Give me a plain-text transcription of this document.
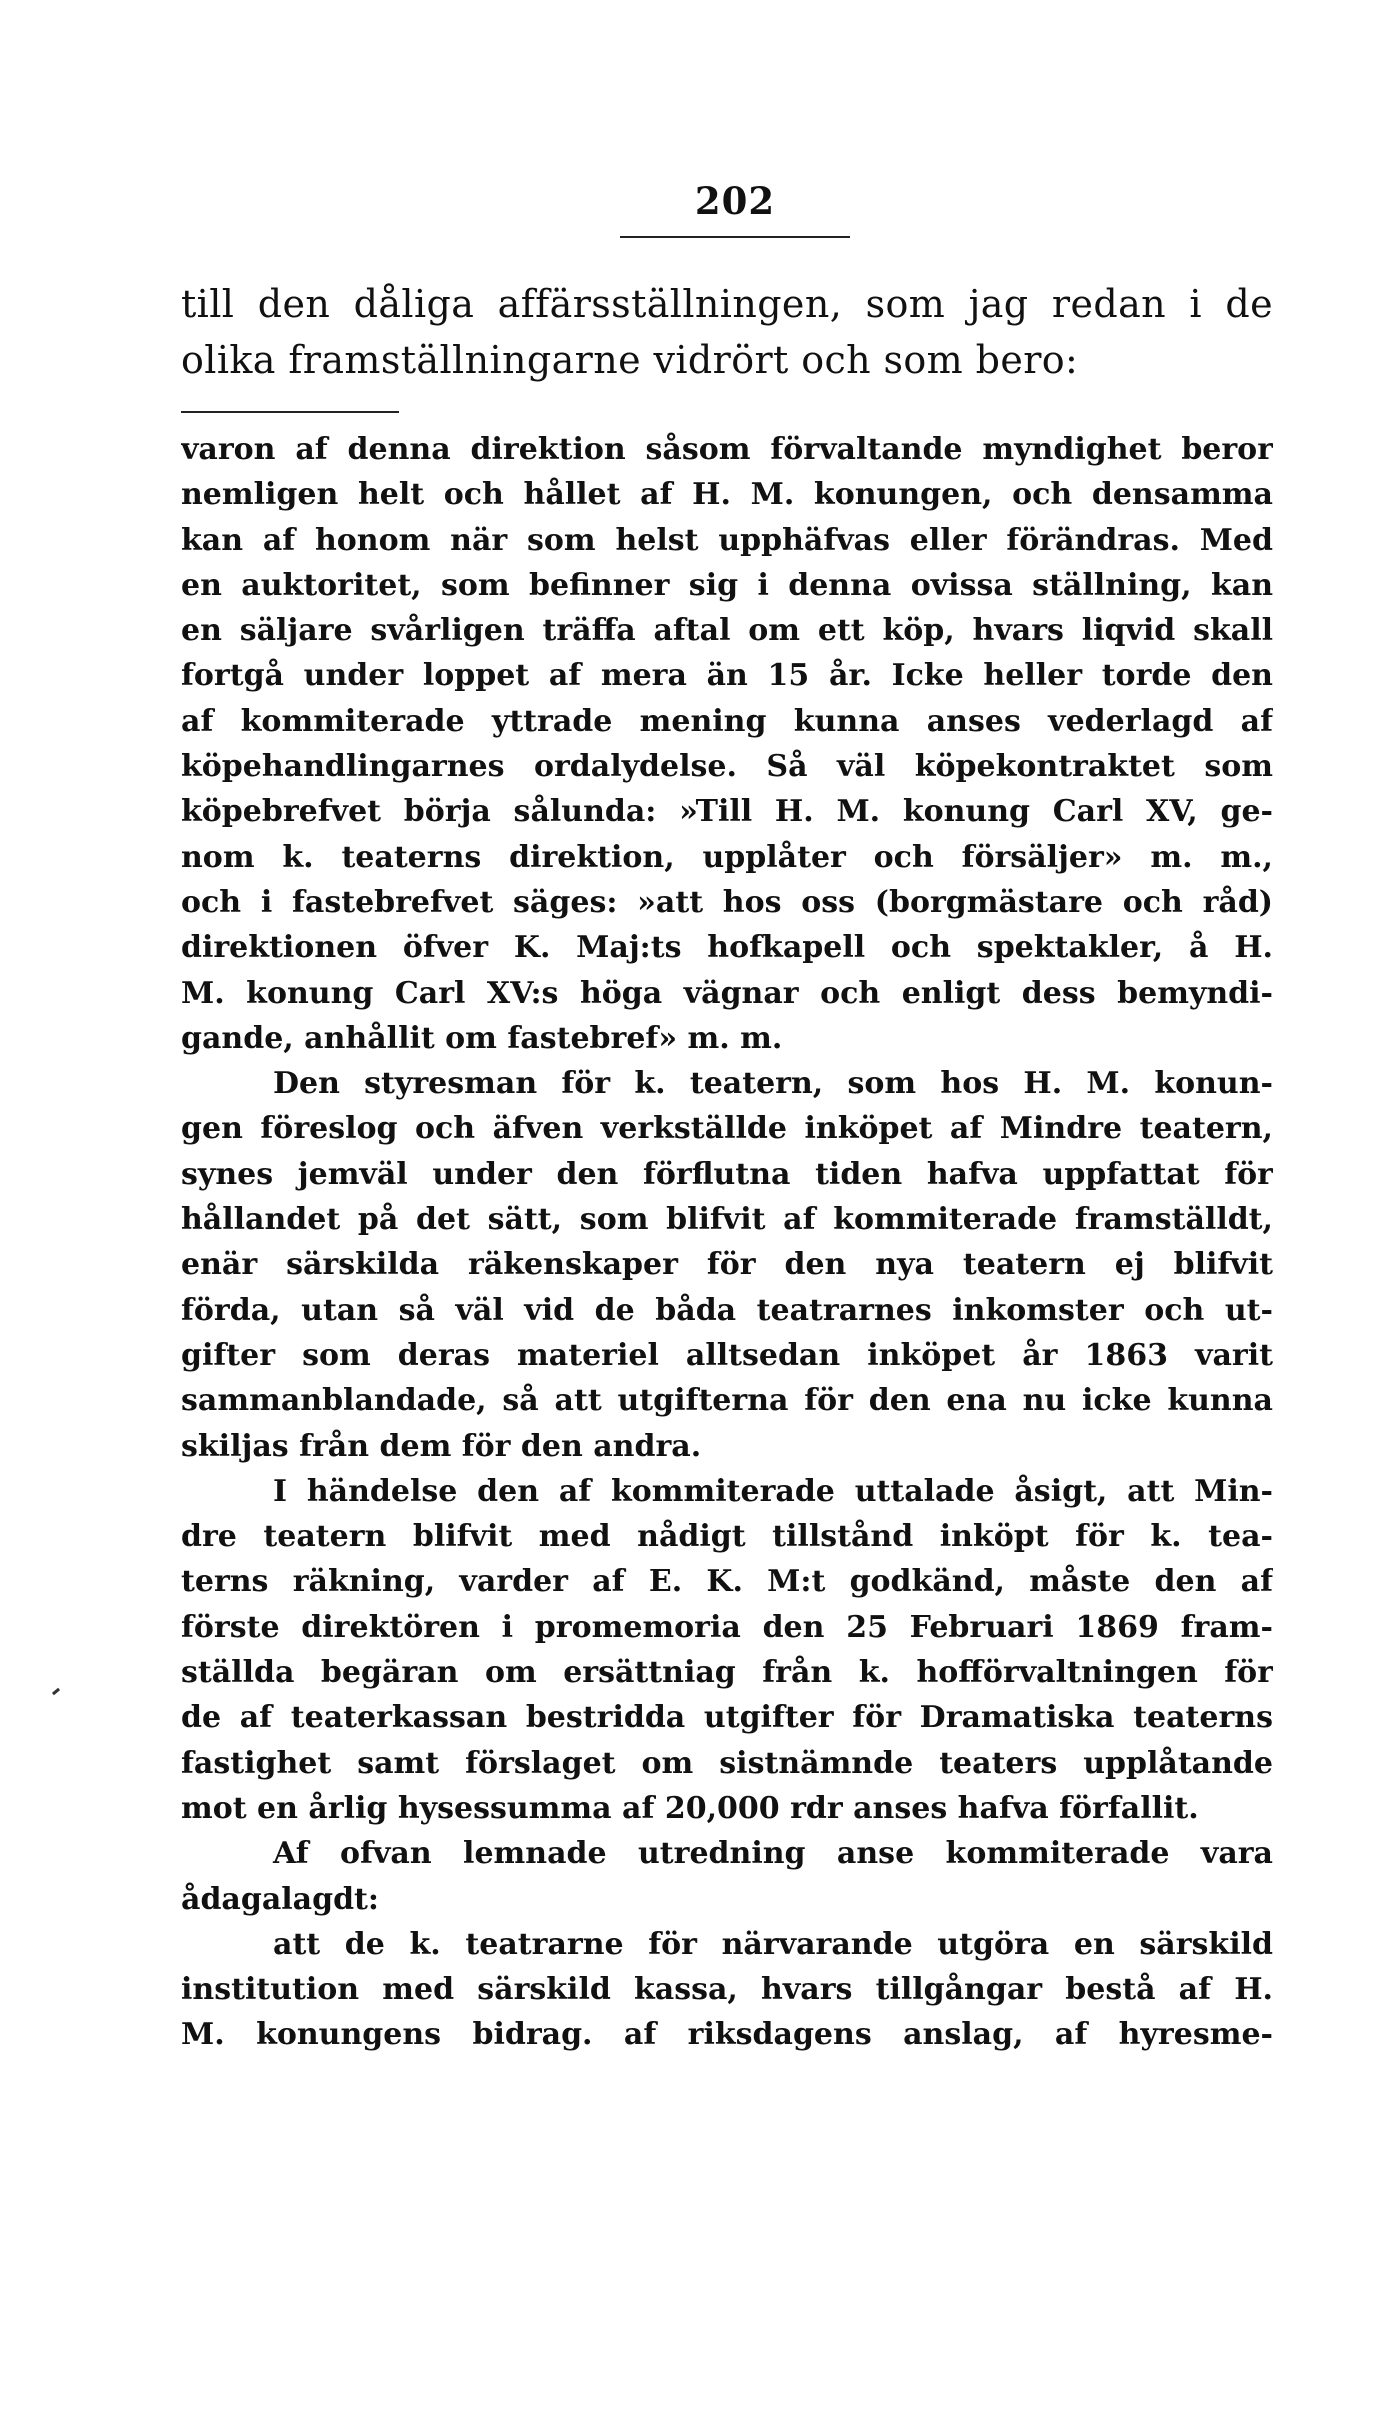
202
till den dåliga affärsställningen, som jag redan i de
olika framställningarne vidrört och som bero:
varon af denna direktion såsom förvaltande myndighet beror
nemligen helt och hållet af H. M. konungen, och densamma
kan af honom när som helst upphäfvas eller förändras. Med
en auktoritet, som befinner sig i denna ovissa ställning, kan
en säljare svårligen träffa aftal om ett köp, hvars liqvid skall
fortgå under loppet af mera än 15 år. Icke heller torde den
af kommiterade yttrade mening kunna anses vederlagd af
köpehandlingarnes ordalydelse. Så väl köpekontraktet som
köpebrefvet börja sålunda: »Till H. M. konung Carl XV, ge-
nom k. teaterns direktion, upplåter och försäljer» m. m.,
och i fastebrefvet säges: »att hos oss (borgmästare och råd)
direktionen öfver K. Maj:ts hofkapell och spektakler, å H.
M. konung Carl XV:s höga vägnar och enligt dess bemyndi-
gande, anhållit om fastebref» m. m.
Den styresman för k. teatern, som hos H. M. konun-
gen föreslog och äfven verkställde inköpet af Mindre teatern,
synes jemväl under den förflutna tiden hafva uppfattat för
hållandet på det sätt, som blifvit af kommiterade framställdt,
enär särskilda räkenskaper för den nya teatern ej blifvit
förda, utan så väl vid de båda teatrarnes inkomster och ut-
gifter som deras materiel alltsedan inköpet år 1863 varit
sammanblandade, så att utgifterna för den ena nu icke kunna
skiljas från dem för den andra.
I händelse den af kommiterade uttalade åsigt, att Min-
dre teatern blifvit med nådigt tillstånd inköpt för k. tea-
terns räkning, varder af E. K. M:t godkänd, måste den af
förste direktören i promemoria den 25 Februari 1869 fram-
ställda begäran om ersättniag från k. hofförvaltningen för
de af teaterkassan bestridda utgifter för Dramatiska teaterns
fastighet samt förslaget om sistnämnde teaters upplåtande
mot en årlig hysessumma af 20,000 rdr anses hafva förfallit.
Af ofvan lemnade utredning anse kommiterade vara
ådagalagdt:
att de k. teatrarne för närvarande utgöra en särskild
institution med särskild kassa, hvars tillgångar bestå af H.
M. konungens bidrag. af riksdagens anslag, af hyresme-
